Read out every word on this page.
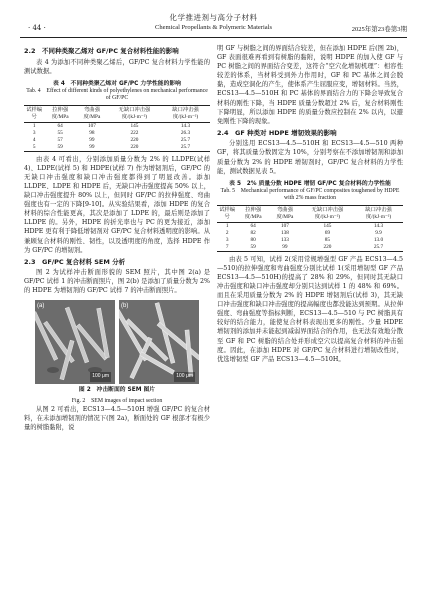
化学推进剂与高分子材料
· 44 ·	Chemical Propellants & Polymeric Materials	2025年第23卷第3期
2.2　不同种类聚乙烯对 GF/PC 复合材料性能的影响

表 4 为添加不同种类聚乙烯后，GF/PC 复合材料力学性能的测试数据。

表 4　不同种类聚乙烯对 GF/PC 力学性能的影响
Tab. 4　Effect of different kinds of polyethylenes on mechanical performance of GF/PC
试样编号	拉伸强度/MPa	弯曲强度/MPa	无缺口冲击强度/(kJ·m⁻²)	缺口冲击强度/(kJ·m⁻²)
1	64	107	145	14.3
3	55	98	222	26.3
4	57	99	220	25.7
5	59	99	220	25.7

由表 4 可看出，分别添加质量分数为 2% 的 LLDPE(试样 4)、LDPE(试样 5) 和 HDPE(试样 7) 作为增韧剂后，GF/PC 的无缺口冲击强度和缺口冲击强度都得到了明显改善。添加 LLDPE、LDPE 和 HDPE 后，无缺口冲击强度提高 50% 以上，缺口冲击强度提升 80% 以上，但同时 GF/PC 的拉伸强度、弯曲强度也有一定的下降[9-10]。从实验结果看，添加 HDPE 的复合材料的综合性能更高，其次是添加了 LDPE 的，最后则是添加了 LLDPE 的。另外，HDPE 的折光率也与 PC 的更为接近，添加 HDPE 更有利于降低增韧剂对 GF/PC 复合材料透明度的影响。从兼顾复合材料的刚性、韧性，以及透明度的角度，选择 HDPE 作为 GF/PC 的增韧剂。

2.3　GF/PC 复合材料 SEM 分析

图 2 为试样冲击断面形貌的 SEM 照片，其中图 2(a) 是 GF/PC 试样 1 的冲击断面照片，图 2(b) 是添加了质量分数为 2% 的 HDPE 为增韧剂的 GF/PC 试样 7 的冲击断面照片。

(a)
100 μm
(b)
100 μm
图 2　冲击断面的 SEM 图片
Fig. 2　SEM images of impact section

从图 2 可看出，ECS13—4.5—510H 增强 GF/PC 的复合材料，在未添加增韧剂的情况下(图 2a)，断面处的 GF 根部才有极少量的树脂黏附，说

明 GF 与树脂之间的界面结合较差，但在添加 HDPE 后(图 2b)，GF 表面很难再看到有树脂的黏附，说明 HDPE 的加入使 GF 与 PC 树脂之间的界面结合变差，这符合“空穴化增韧机理”：相容性较差的体系，当材料受到外力作用时，GF 和 PC 基体之间会脱黏，造成空洞化的产生，使体系产生屈服应变，增韧材料。当然，ECS13—4.5—510H 和 PC 基体的界面结合力的下降会导致复合材料的刚性下降，当 HDPE 质量分数超过 2% 后，复合材料刚性下降明显，所以添加 HDPE 的质量分数应控制在 2% 以内，以避免刚性下降的现象。

2.4　GF 种类对 HDPE 增韧效果的影响

分别选用 ECS13—4.5—510H 和 ECS13—4.5—510 两种 GF，将其质量分数固定为 10%，分别考察在不添加增韧剂和添加质量分数为 2% 的 HDPE 增韧剂时，GF/PC 复合材料的力学性能，测试数据见表 5。

表 5　2% 质量分数 HDPE 增韧 GF/PC 复合材料的力学性能
Tab. 5　Mechanical performance of GF/PC composites toughened by HDPE with 2% mass fraction
试样编号	拉伸强度/MPa	弯曲强度/MPa	无缺口冲击强度/(kJ·m⁻²)	缺口冲击强度/(kJ·m⁻²)
1	64	107	145	14.3
2	82	138	69	9.9
3	80	133	85	13.0
7	59	99	220	25.7

由表 5 可知，试样 2(采用常规增强型 GF 产品 ECS13—4.5—510)的拉伸强度和弯曲强度分别比试样 1(采用增韧型 GF 产品 ECS13—4.5—510H)的提高了 28% 和 29%，但同时其无缺口冲击强度和缺口冲击强度却分别只达到试样 1 的 48% 和 69%。而且在采用质量分数为 2% 的 HDPE 增韧剂后(试样 3)，其无缺口冲击强度和缺口冲击强度的提高幅度也都没能达到预期。从拉伸强度、弯曲强度等指标判断，ECS13—4.5—510 与 PC 树脂具有较好的结合能力，能使复合材料表现出更多的刚性。少量 HDPE 增韧剂的添加并未能起到减弱界面结合的作用，也无法有效地分散至 GF 和 PC 树脂的结合处并形成空穴以提高复合材料的冲击强度。因此，在添加 HDPE 对 GF/PC 复合材料进行增韧改性时，优选增韧型 GF 产品 ECS13—4.5—510H。
